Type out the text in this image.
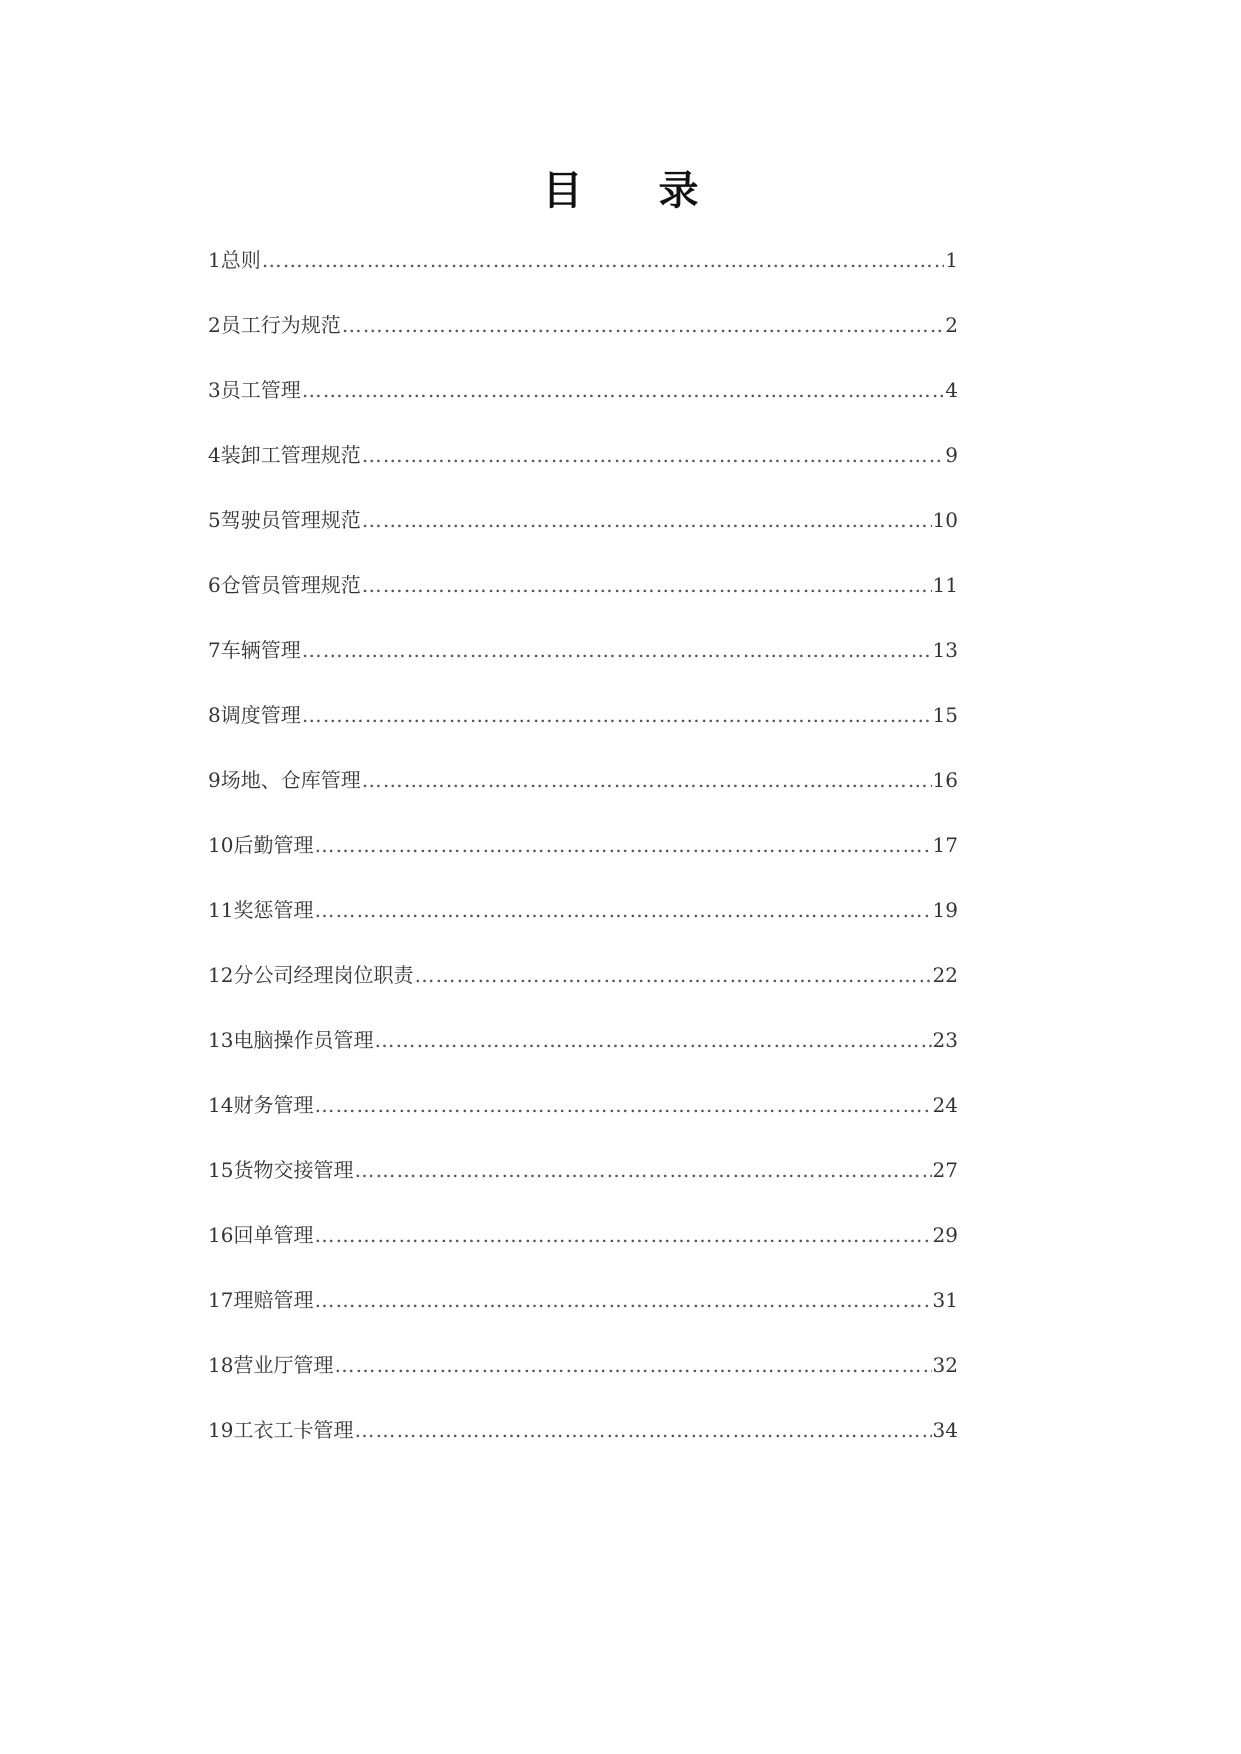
目 录
1总则 …………………………………………………………………………………………………………………………………………………………………………………………………………	1
2员工行为规范 …………………………………………………………………………………………………………………………………………………………………………………………………………	2
3员工管理 …………………………………………………………………………………………………………………………………………………………………………………………………………	4
4装卸工管理规范 …………………………………………………………………………………………………………………………………………………………………………………………………………	9
5驾驶员管理规范 …………………………………………………………………………………………………………………………………………………………………………………………………………	10
6仓管员管理规范 …………………………………………………………………………………………………………………………………………………………………………………………………………	11
7车辆管理 …………………………………………………………………………………………………………………………………………………………………………………………………………	13
8调度管理 …………………………………………………………………………………………………………………………………………………………………………………………………………	15
9场地、仓库管理 …………………………………………………………………………………………………………………………………………………………………………………………………………	16
10后勤管理 …………………………………………………………………………………………………………………………………………………………………………………………………………	17
11奖惩管理 …………………………………………………………………………………………………………………………………………………………………………………………………………	19
12分公司经理岗位职责 …………………………………………………………………………………………………………………………………………………………………………………………………………	22
13电脑操作员管理 …………………………………………………………………………………………………………………………………………………………………………………………………………	23
14财务管理 …………………………………………………………………………………………………………………………………………………………………………………………………………	24
15货物交接管理 …………………………………………………………………………………………………………………………………………………………………………………………………………	27
16回单管理 …………………………………………………………………………………………………………………………………………………………………………………………………………	29
17理赔管理 …………………………………………………………………………………………………………………………………………………………………………………………………………	31
18营业厅管理 …………………………………………………………………………………………………………………………………………………………………………………………………………	32
19工衣工卡管理 …………………………………………………………………………………………………………………………………………………………………………………………………………	34
